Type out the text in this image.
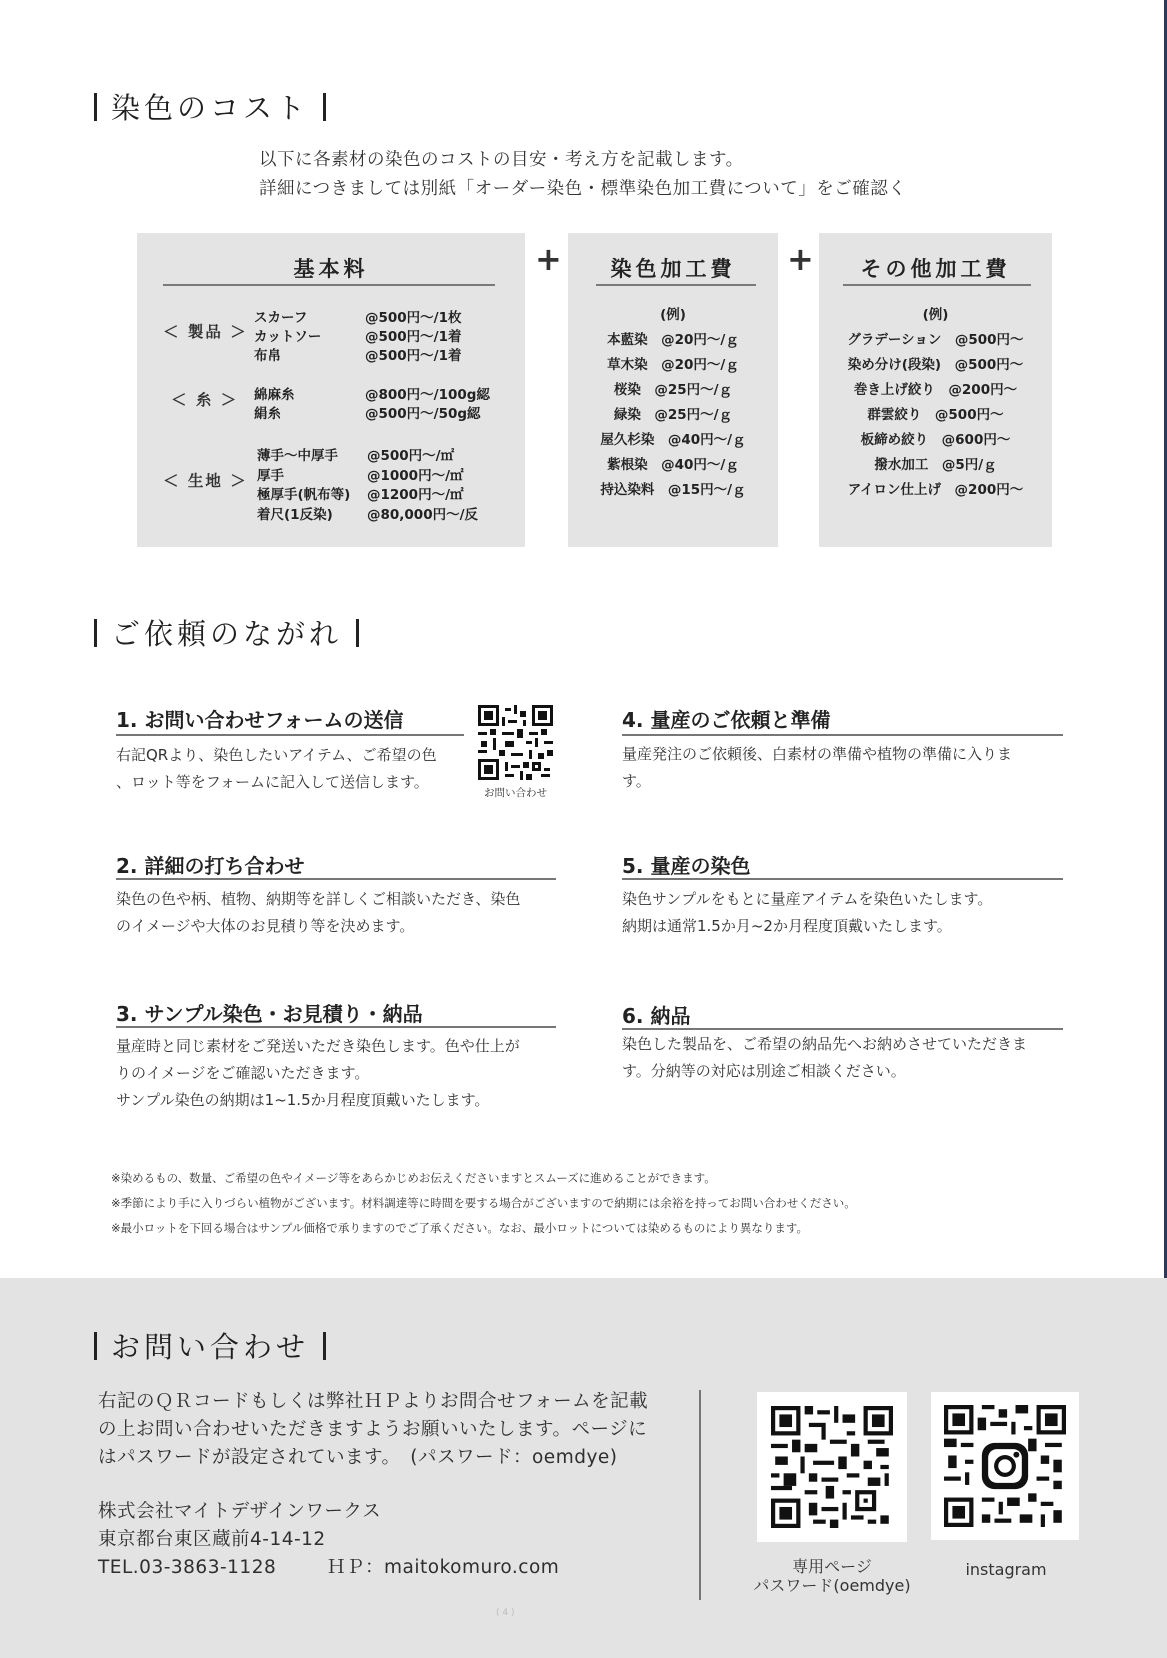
染色のコスト
以下に各素材の染色のコストの目安・考え方を記載します。
詳細につきましては別紙「オーダー染色・標準染色加工費について」をご確認く
基本料
＜ 製品 ＞
スカーフ	@500円〜/1枚
カットソー	@500円〜/1着
布帛	@500円〜/1着
＜ 糸 ＞ 綿麻糸	@800円〜/100g綛
絹糸	@500円〜/50g綛
＜ 生地 ＞
薄手〜中厚手 @500円〜/㎡
厚手	@1000円〜/㎡
極厚手(帆布等) @1200円〜/㎡
着尺(1反染)	@80,000円〜/反
+	染色加工費
(例)
本藍染　@20円〜/ｇ
草木染　@20円〜/ｇ
桜染　@25円〜/ｇ
緑染　@25円〜/ｇ
屋久杉染　@40円〜/ｇ
紫根染　@40円〜/ｇ
持込染料　@15円〜/ｇ
+	その他加工費
(例)
グラデーション　@500円〜
染め分け(段染)　@500円〜
巻き上げ絞り　@200円〜
群雲絞り　@500円〜
板締め絞り　@600円〜
撥水加工　@5円/ｇ
アイロン仕上げ　@200円〜
ご依頼のながれ
1. お問い合わせフォームの送信
右記QRより、染色したいアイテム、ご希望の色
、ロット等をフォームに記入して送信します。
お問い合わせ
2. 詳細の打ち合わせ
染色の色や柄、植物、納期等を詳しくご相談いただき、染色
のイメージや大体のお見積り等を決めます。
3. サンプル染色・お見積り・納品
量産時と同じ素材をご発送いただき染色します。色や仕上が
りのイメージをご確認いただきます。
サンプル染色の納期は1~1.5か月程度頂戴いたします。
4. 量産のご依頼と準備
量産発注のご依頼後、白素材の準備や植物の準備に入りま
す。
5. 量産の染色
染色サンプルをもとに量産アイテムを染色いたします。
納期は通常1.5か月~2か月程度頂戴いたします。
6. 納品
染色した製品を、ご希望の納品先へお納めさせていただきま
す。分納等の対応は別途ご相談ください。
※染めるもの、数量、ご希望の色やイメージ等をあらかじめお伝えくださいますとスムーズに進めることができます。
※季節により手に入りづらい植物がございます。材料調達等に時間を要する場合がございますので納期には余裕を持ってお問い合わせください。
※最小ロットを下回る場合はサンプル価格で承りますのでご了承ください。なお、最小ロットについては染めるものにより異なります。
お問い合わせ
右記のＱＲコードもしくは弊社ＨＰよりお問合せフォームを記載
の上お問い合わせいただきますようお願いいたします。ページに
はパスワードが設定されています。　(パスワード：oemdye)
株式会社マイトデザインワークス
東京都台東区蔵前4-14-12
TEL.03-3863-1128	ＨＰ：maitokomuro.com	専用ページ
パスワード(oemdye)
instagram
( 4 )
